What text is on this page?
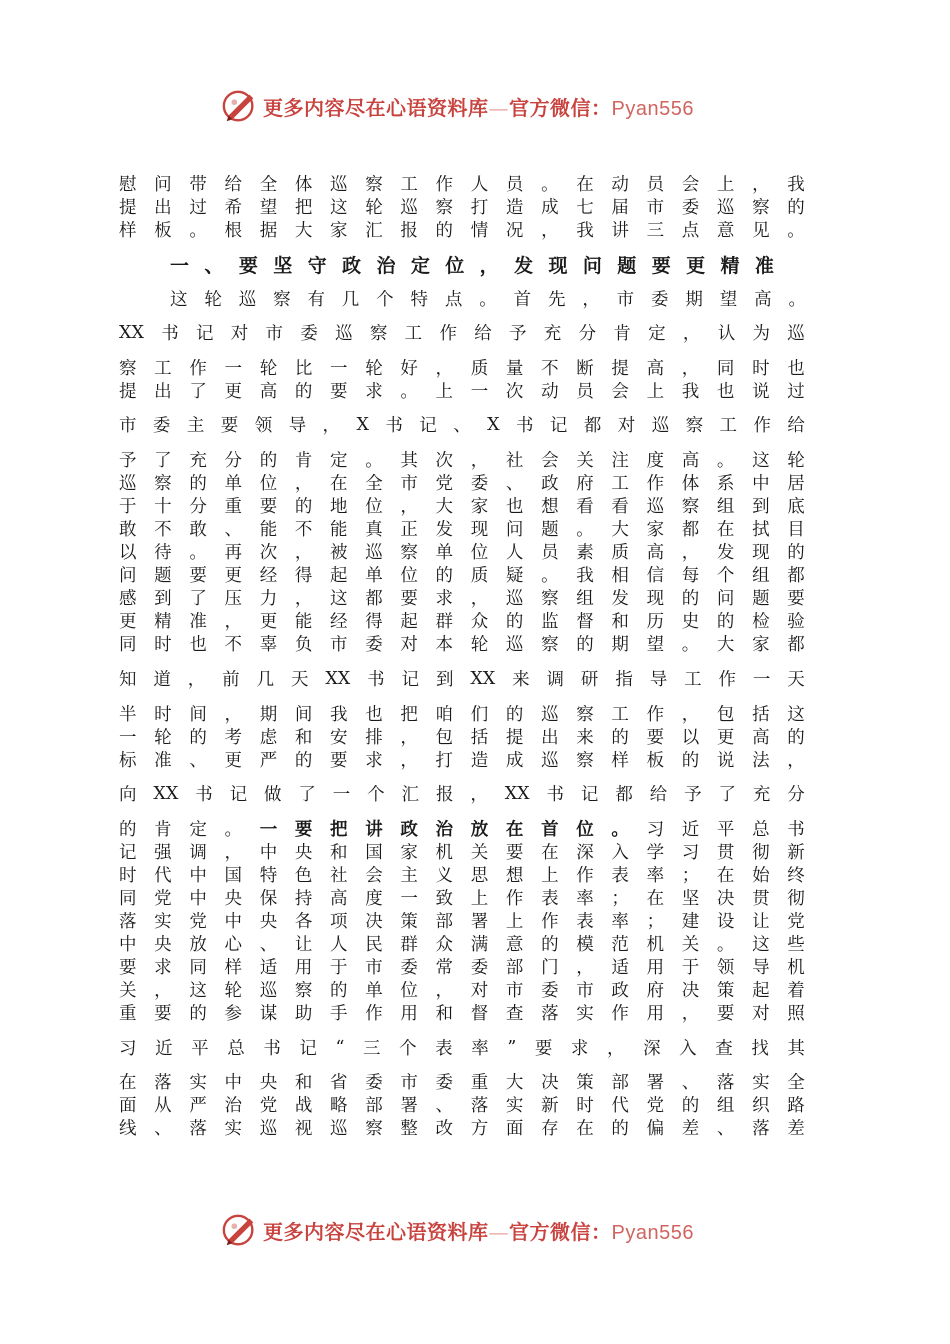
更多内容尽在心语资料库—官方微信：Pyan556
慰 问 带 给 全 体 巡 察 工 作 人 员 。 在 动 员 会 上 ， 我
提 出 过 希 望 把 这 轮 巡 察 打 造 成 七 届 市 委 巡 察 的
样 板 。 根 据 大 家 汇 报 的 情 况 ， 我 讲 三 点 意 见 。
一 、 要 坚 守 政 治 定 位 ， 发 现 问 题 要 更 精 准
这 轮 巡 察 有 几 个 特 点 。 首 先 ， 市 委 期 望 高 。
XX 书 记 对 市 委 巡 察 工 作 给 予 充 分 肯 定 ， 认 为 巡
察 工 作 一 轮 比 一 轮 好 ， 质 量 不 断 提 高 ， 同 时 也
提 出 了 更 高 的 要 求 。 上 一 次 动 员 会 上 我 也 说 过
市 委 主 要 领 导 ， X 书 记 、 X 书 记 都 对 巡 察 工 作 给
予 了 充 分 的 肯 定 。 其 次 ， 社 会 关 注 度 高 。 这 轮
巡 察 的 单 位 ， 在 全 市 党 委 、 政 府 工 作 体 系 中 居
于 十 分 重 要 的 地 位 ， 大 家 也 想 看 看 巡 察 组 到 底
敢 不 敢 、 能 不 能 真 正 发 现 问 题 。 大 家 都 在 拭 目
以 待 。 再 次 ， 被 巡 察 单 位 人 员 素 质 高 ， 发 现 的
问 题 要 更 经 得 起 单 位 的 质 疑 。 我 相 信 每 个 组 都
感 到 了 压 力 ， 这 都 要 求 ， 巡 察 组 发 现 的 问 题 要
更 精 准 ， 更 能 经 得 起 群 众 的 监 督 和 历 史 的 检 验
同 时 也 不 辜 负 市 委 对 本 轮 巡 察 的 期 望 。 大 家 都
知 道 ， 前 几 天 XX 书 记 到 XX 来 调 研 指 导 工 作 一 天
半 时 间 ， 期 间 我 也 把 咱 们 的 巡 察 工 作 ， 包 括 这
一 轮 的 考 虑 和 安 排 ， 包 括 提 出 来 的 要 以 更 高 的
标 准 、 更 严 的 要 求 ， 打 造 成 巡 察 样 板 的 说 法 ，
向 XX 书 记 做 了 一 个 汇 报 ， XX 书 记 都 给 予 了 充 分
的 肯 定 。 一 要 把 讲 政 治 放 在 首 位 。 习 近 平 总 书
记 强 调 ， 中 央 和 国 家 机 关 要 在 深 入 学 习 贯 彻 新
时 代 中 国 特 色 社 会 主 义 思 想 上 作 表 率 ； 在 始 终
同 党 中 央 保 持 高 度 一 致 上 作 表 率 ； 在 坚 决 贯 彻
落 实 党 中 央 各 项 决 策 部 署 上 作 表 率 ； 建 设 让 党
中 央 放 心 、 让 人 民 群 众 满 意 的 模 范 机 关 。 这 些
要 求 同 样 适 用 于 市 委 常 委 部 门 ， 适 用 于 领 导 机
关 ， 这 轮 巡 察 的 单 位 ， 对 市 委 市 政 府 决 策 起 着
重 要 的 参 谋 助 手 作 用 和 督 查 落 实 作 用 ， 要 对 照
习 近 平 总 书 记 “ 三 个 表 率 ” 要 求 ， 深 入 查 找 其
在 落 实 中 央 和 省 委 市 委 重 大 决 策 部 署 、 落 实 全
面 从 严 治 党 战 略 部 署 、 落 实 新 时 代 党 的 组 织 路
线 、 落 实 巡 视 巡 察 整 改 方 面 存 在 的 偏 差 、 落 差
更多内容尽在心语资料库—官方微信：Pyan556
